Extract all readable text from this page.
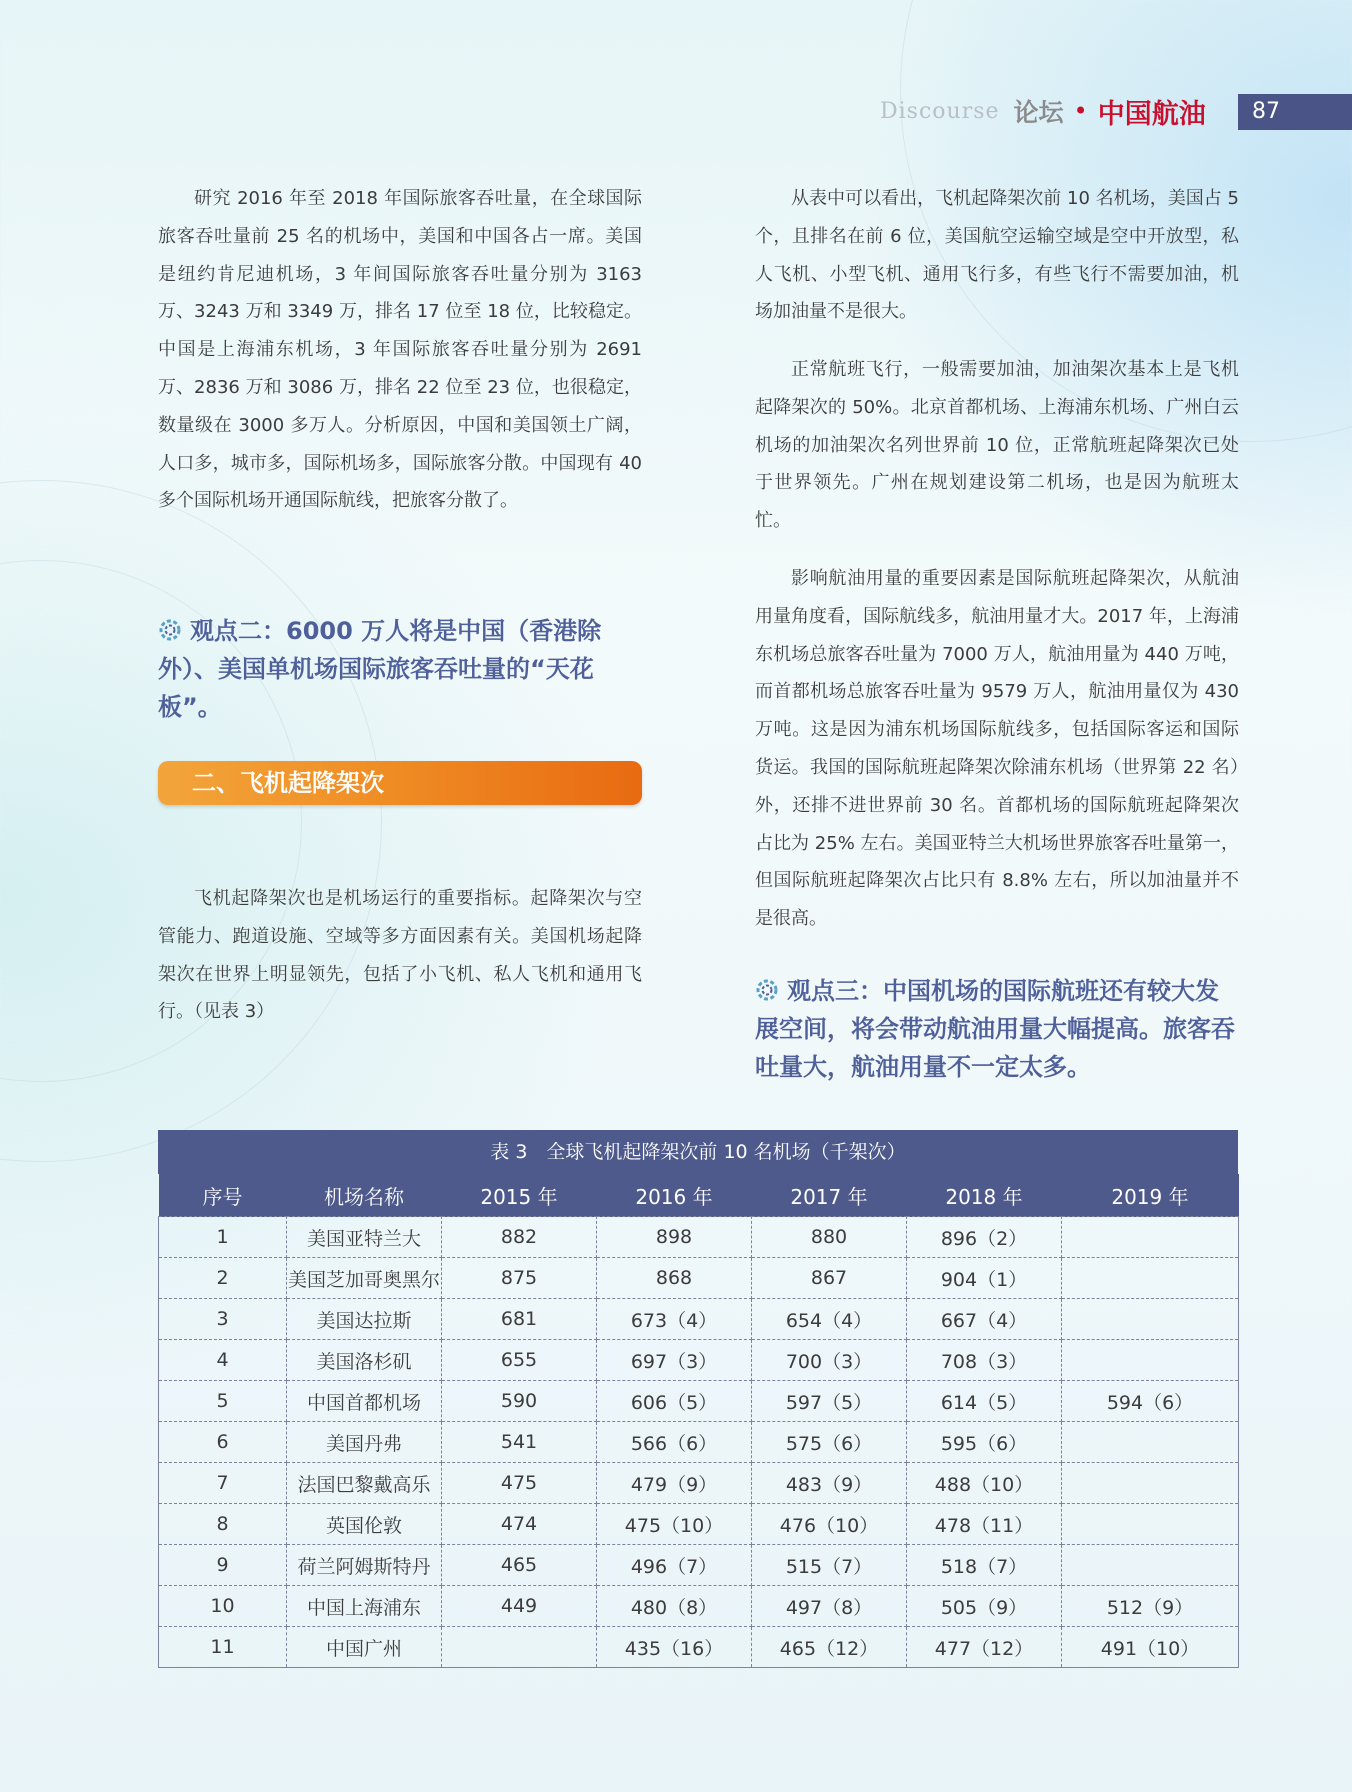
Discourse 论坛 • 中国航油	87

研究 2016 年至 2018 年国际旅客吞吐量，在全球国际旅客吞吐量前 25 名的机场中，美国和中国各占一席。美国是纽约肯尼迪机场，3 年间国际旅客吞吐量分别为 3163 万、3243 万和 3349 万，排名 17 位至 18 位，比较稳定。中国是上海浦东机场，3 年国际旅客吞吐量分别为 2691 万、2836 万和 3086 万，排名 22 位至 23 位，也很稳定，数量级在 3000 多万人。分析原因，中国和美国领土广阔，人口多，城市多，国际机场多，国际旅客分散。中国现有 40 多个国际机场开通国际航线，把旅客分散了。

观点二：6000 万人将是中国（香港除外）、美国单机场国际旅客吞吐量的“天花板”。

二、飞机起降架次

飞机起降架次也是机场运行的重要指标。起降架次与空管能力、跑道设施、空域等多方面因素有关。美国机场起降架次在世界上明显领先，包括了小飞机、私人飞机和通用飞行。（见表 3）

从表中可以看出，飞机起降架次前 10 名机场，美国占 5 个，且排名在前 6 位，美国航空运输空域是空中开放型，私人飞机、小型飞机、通用飞行多，有些飞行不需要加油，机场加油量不是很大。

正常航班飞行，一般需要加油，加油架次基本上是飞机起降架次的 50%。北京首都机场、上海浦东机场、广州白云机场的加油架次名列世界前 10 位，正常航班起降架次已处于世界领先。广州在规划建设第二机场，也是因为航班太忙。

影响航油用量的重要因素是国际航班起降架次，从航油用量角度看，国际航线多，航油用量才大。2017 年，上海浦东机场总旅客吞吐量为 7000 万人，航油用量为 440 万吨，而首都机场总旅客吞吐量为 9579 万人，航油用量仅为 430 万吨。这是因为浦东机场国际航线多，包括国际客运和国际货运。我国的国际航班起降架次除浦东机场（世界第 22 名）外，还排不进世界前 30 名。首都机场的国际航班起降架次占比为 25% 左右。美国亚特兰大机场世界旅客吞吐量第一，但国际航班起降架次占比只有 8.8% 左右，所以加油量并不是很高。

观点三：中国机场的国际航班还有较大发展空间，将会带动航油用量大幅提高。旅客吞吐量大，航油用量不一定太多。

表 3　全球飞机起降架次前 10 名机场（千架次）
序号	机场名称	2015 年	2016 年	2017 年	2018 年	2019 年
1	美国亚特兰大	882	898	880	896（2）	
2	美国芝加哥奥黑尔	875	868	867	904（1）	
3	美国达拉斯	681	673（4）	654（4）	667（4）	
4	美国洛杉矶	655	697（3）	700（3）	708（3）	
5	中国首都机场	590	606（5）	597（5）	614（5）	594（6）
6	美国丹弗	541	566（6）	575（6）	595（6）	
7	法国巴黎戴高乐	475	479（9）	483（9）	488（10）	
8	英国伦敦	474	475（10）	476（10）	478（11）	
9	荷兰阿姆斯特丹	465	496（7）	515（7）	518（7）	
10	中国上海浦东	449	480（8）	497（8）	505（9）	512（9）
11	中国广州		435（16）	465（12）	477（12）	491（10）
